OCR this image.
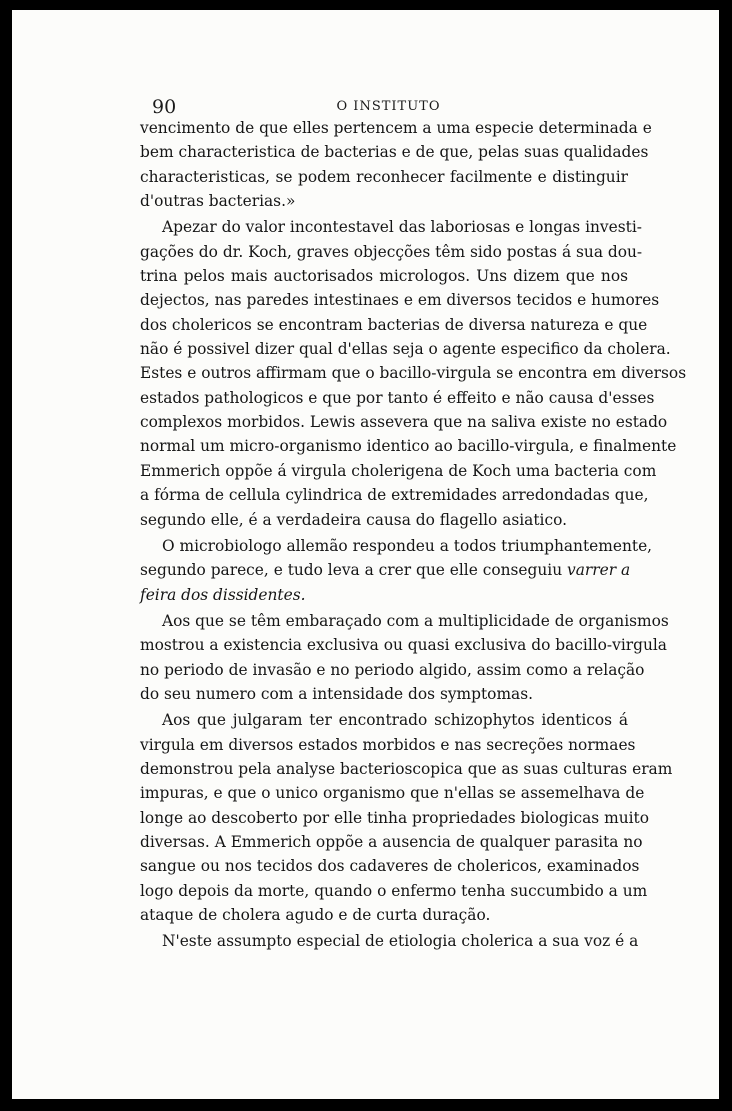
90	O INSTITUTO
vencimento de que elles pertencem a uma especie determinada e
bem characteristica de bacterias e de que, pelas suas qualidades
characteristicas, se podem reconhecer facilmente e distinguir
d'outras bacterias.»
Apezar do valor incontestavel das laboriosas e longas investi-
gações do dr. Koch, graves objecções têm sido postas á sua dou-
trina pelos mais auctorisados micrologos. Uns dizem que nos
dejectos, nas paredes intestinaes e em diversos tecidos e humores
dos cholericos se encontram bacterias de diversa natureza e que
não é possivel dizer qual d'ellas seja o agente especifico da cholera.
Estes e outros affirmam que o bacillo-virgula se encontra em diversos
estados pathologicos e que por tanto é effeito e não causa d'esses
complexos morbidos. Lewis assevera que na saliva existe no estado
normal um micro-organismo identico ao bacillo-virgula, e finalmente
Emmerich oppõe á virgula cholerigena de Koch uma bacteria com
a fórma de cellula cylindrica de extremidades arredondadas que,
segundo elle, é a verdadeira causa do flagello asiatico.
O microbiologo allemão respondeu a todos triumphantemente,
segundo parece, e tudo leva a crer que elle conseguiu varrer a
feira dos dissidentes.
Aos que se têm embaraçado com a multiplicidade de organismos
mostrou a existencia exclusiva ou quasi exclusiva do bacillo-virgula
no periodo de invasão e no periodo algido, assim como a relação
do seu numero com a intensidade dos symptomas.
Aos que julgaram ter encontrado schizophytos identicos á
virgula em diversos estados morbidos e nas secreções normaes
demonstrou pela analyse bacterioscopica que as suas culturas eram
impuras, e que o unico organismo que n'ellas se assemelhava de
longe ao descoberto por elle tinha propriedades biologicas muito
diversas. A Emmerich oppõe a ausencia de qualquer parasita no
sangue ou nos tecidos dos cadaveres de cholericos, examinados
logo depois da morte, quando o enfermo tenha succumbido a um
ataque de cholera agudo e de curta duração.
N'este assumpto especial de etiologia cholerica a sua voz é a
